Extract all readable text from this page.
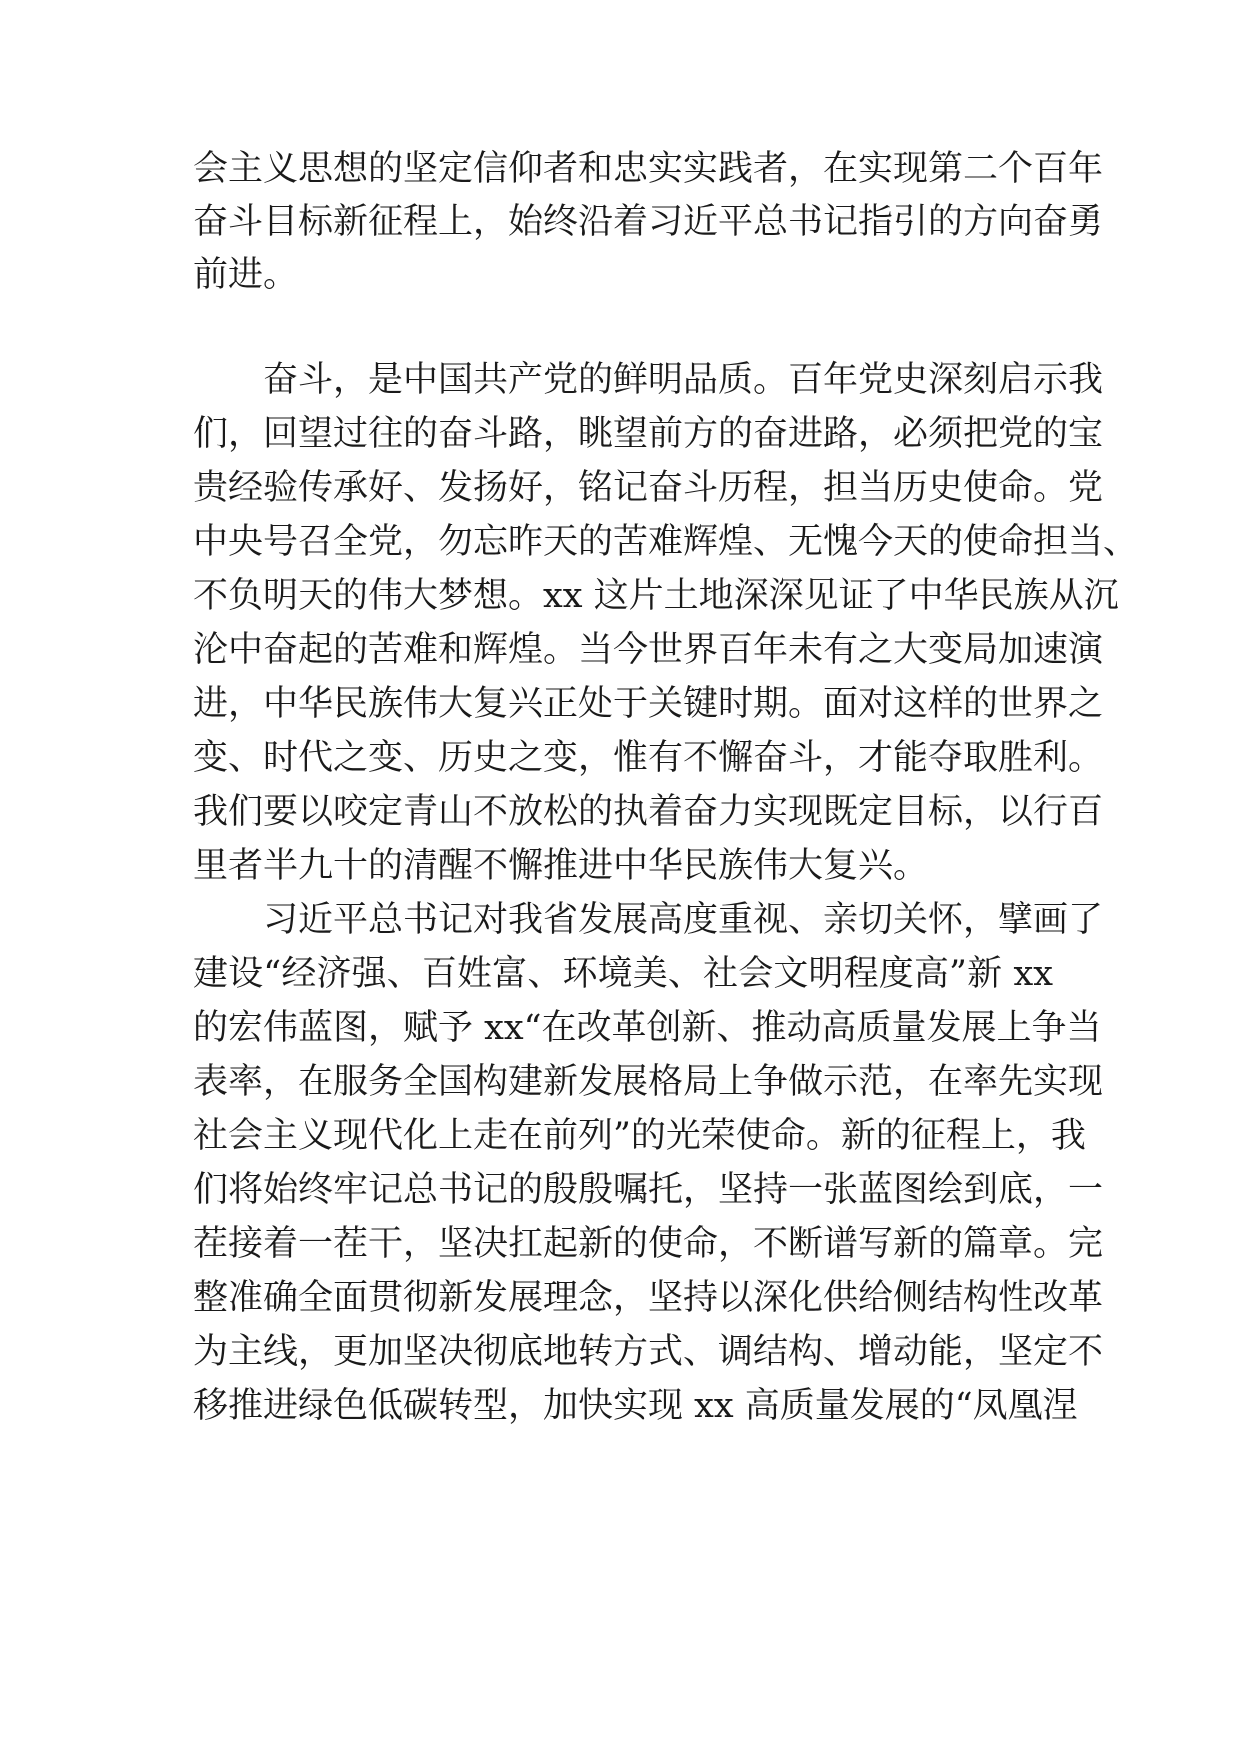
会主义思想的坚定信仰者和忠实实践者，在实现第二个百年
奋斗目标新征程上，始终沿着习近平总书记指引的方向奋勇
前进。
奋斗，是中国共产党的鲜明品质。百年党史深刻启示我
们，回望过往的奋斗路，眺望前方的奋进路，必须把党的宝
贵经验传承好、发扬好，铭记奋斗历程，担当历史使命。党
中央号召全党，勿忘昨天的苦难辉煌、无愧今天的使命担当、
不负明天的伟大梦想。xx 这片土地深深见证了中华民族从沉
沦中奋起的苦难和辉煌。当今世界百年未有之大变局加速演
进，中华民族伟大复兴正处于关键时期。面对这样的世界之
变、时代之变、历史之变，惟有不懈奋斗，才能夺取胜利。
我们要以咬定青山不放松的执着奋力实现既定目标，以行百
里者半九十的清醒不懈推进中华民族伟大复兴。
习近平总书记对我省发展高度重视、亲切关怀，擘画了
建设“经济强、百姓富、环境美、社会文明程度高”新 xx
的宏伟蓝图，赋予 xx“在改革创新、推动高质量发展上争当
表率，在服务全国构建新发展格局上争做示范，在率先实现
社会主义现代化上走在前列”的光荣使命。新的征程上，我
们将始终牢记总书记的殷殷嘱托，坚持一张蓝图绘到底，一
茬接着一茬干，坚决扛起新的使命，不断谱写新的篇章。完
整准确全面贯彻新发展理念，坚持以深化供给侧结构性改革
为主线，更加坚决彻底地转方式、调结构、增动能，坚定不
移推进绿色低碳转型，加快实现 xx 高质量发展的“凤凰涅
